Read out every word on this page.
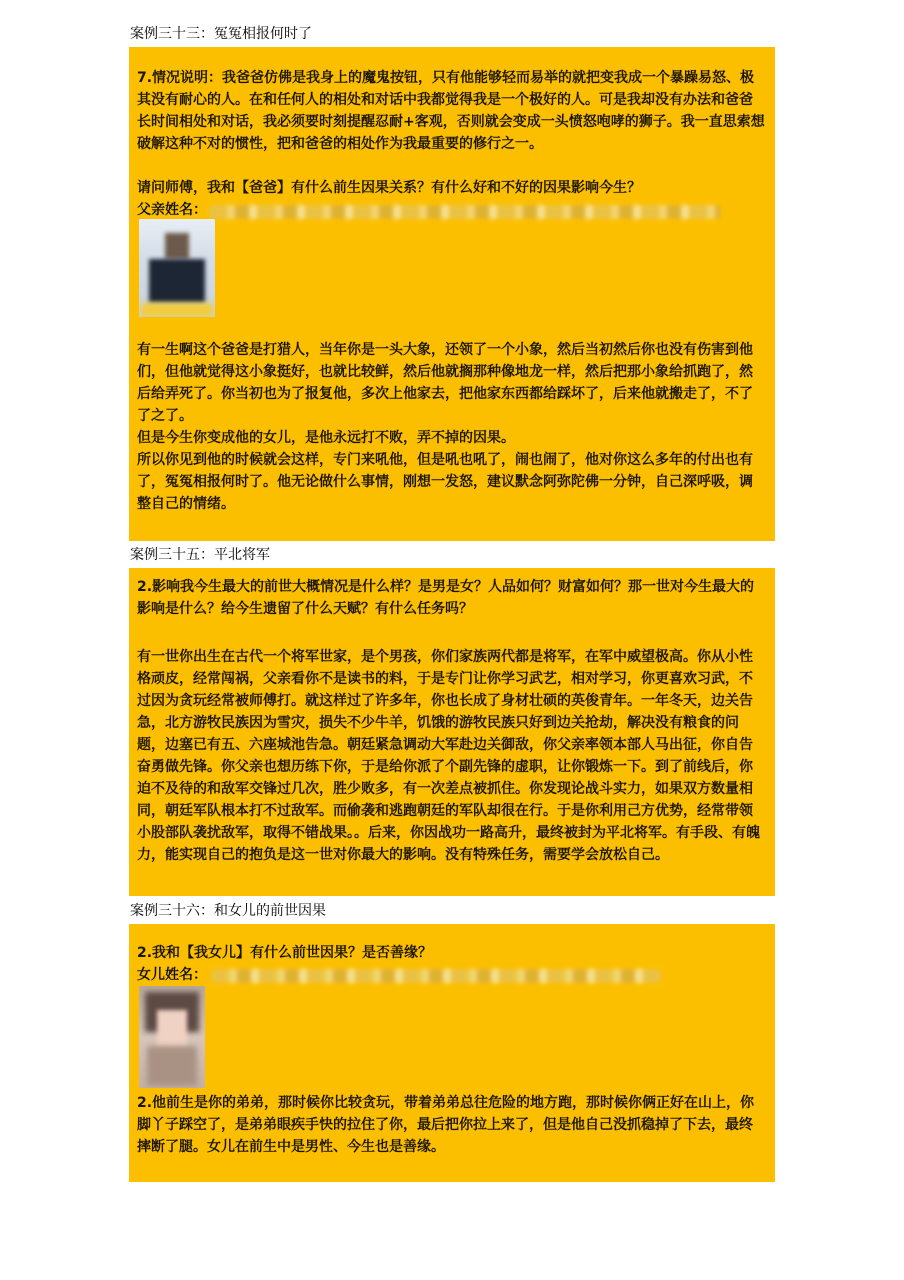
案例三十三：冤冤相报何时了
7.情况说明：我爸爸仿佛是我身上的魔鬼按钮，只有他能够轻而易举的就把变我成一个暴躁易怒、极其没有耐心的人。在和任何人的相处和对话中我都觉得我是一个极好的人。可是我却没有办法和爸爸长时间相处和对话，我必须要时刻提醒忍耐+客观，否则就会变成一头愤怒咆哮的狮子。我一直思索想破解这种不对的惯性，把和爸爸的相处作为我最重要的修行之一。
请问师傅，我和【爸爸】有什么前生因果关系？有什么好和不好的因果影响今生？
父亲姓名：
有一生啊这个爸爸是打猎人，当年你是一头大象，还领了一个小象，然后当初然后你也没有伤害到他们，但他就觉得这小象挺好，也就比较鲜，然后他就搁那种像地龙一样，然后把那小象给抓跑了，然后给弄死了。你当初也为了报复他，多次上他家去，把他家东西都给踩坏了，后来他就搬走了，不了了之了。
但是今生你变成他的女儿，是他永远打不败，弄不掉的因果。
所以你见到他的时候就会这样，专门来吼他，但是吼也吼了，闹也闹了，他对你这么多年的付出也有了，冤冤相报何时了。他无论做什么事情，刚想一发怒，建议默念阿弥陀佛一分钟，自己深呼吸，调整自己的情绪。
案例三十五：平北将军
2.影响我今生最大的前世大概情况是什么样？是男是女？人品如何？财富如何？那一世对今生最大的影响是什么？给今生遗留了什么天赋？有什么任务吗？
有一世你出生在古代一个将军世家，是个男孩，你们家族两代都是将军，在军中威望极高。你从小性格顽皮，经常闯祸，父亲看你不是读书的料，于是专门让你学习武艺，相对学习，你更喜欢习武，不过因为贪玩经常被师傅打。就这样过了许多年，你也长成了身材壮硕的英俊青年。一年冬天，边关告急，北方游牧民族因为雪灾，损失不少牛羊，饥饿的游牧民族只好到边关抢劫，解决没有粮食的问题，边塞已有五、六座城池告急。朝廷紧急调动大军赴边关御敌，你父亲率领本部人马出征，你自告奋勇做先锋。你父亲也想历练下你，于是给你派了个副先锋的虚职，让你锻炼一下。到了前线后，你迫不及待的和敌军交锋过几次，胜少败多，有一次差点被抓住。你发现论战斗实力，如果双方数量相同，朝廷军队根本打不过敌军。而偷袭和逃跑朝廷的军队却很在行。于是你利用己方优势，经常带领小股部队袭扰敌军，取得不错战果。。后来，你因战功一路高升，最终被封为平北将军。有手段、有魄力，能实现自己的抱负是这一世对你最大的影响。没有特殊任务，需要学会放松自己。
案例三十六：和女儿的前世因果
2.我和【我女儿】有什么前世因果？是否善缘？
女儿姓名：
2.他前生是你的弟弟，那时候你比较贪玩，带着弟弟总往危险的地方跑，那时候你俩正好在山上，你脚丫子踩空了，是弟弟眼疾手快的拉住了你，最后把你拉上来了，但是他自己没抓稳掉了下去，最终摔断了腿。女儿在前生中是男性、今生也是善缘。
